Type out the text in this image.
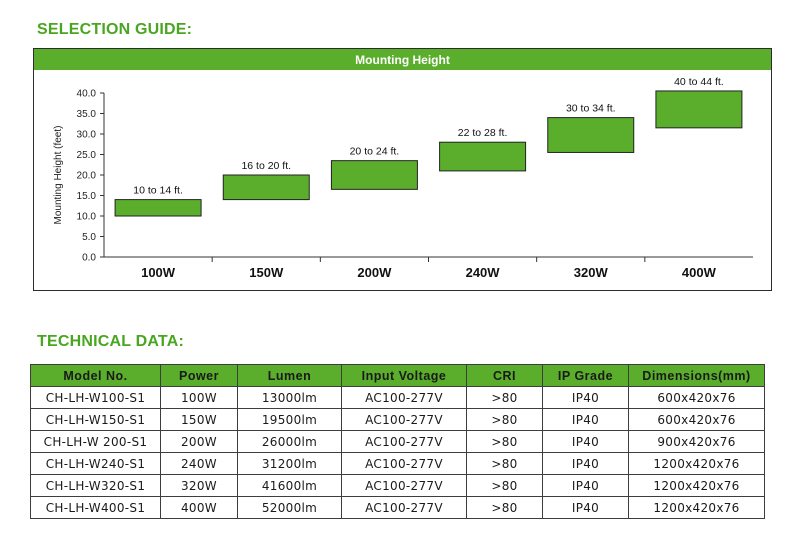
SELECTION GUIDE:
Mounting Height
0.0
5.0
10.0
15.0
20.0
25.0
30.0
35.0
40.0
Mounting Height (feet)
100W
10 to 14 ft.
150W
16 to 20 ft.
200W
20 to 24 ft.
240W
22 to 28 ft.
320W
30 to 34 ft.
400W
40 to 44 ft.
TECHNICAL DATA:
Model No.	Power	Lumen	Input Voltage	CRI	IP Grade	Dimensions(mm)
CH-LH-W100-S1	100W	13000lm	AC100-277V	>80	IP40	600x420x76
CH-LH-W150-S1	150W	19500lm	AC100-277V	>80	IP40	600x420x76
CH-LH-W 200-S1	200W	26000lm	AC100-277V	>80	IP40	900x420x76
CH-LH-W240-S1	240W	31200lm	AC100-277V	>80	IP40	1200x420x76
CH-LH-W320-S1	320W	41600lm	AC100-277V	>80	IP40	1200x420x76
CH-LH-W400-S1	400W	52000lm	AC100-277V	>80	IP40	1200x420x76
